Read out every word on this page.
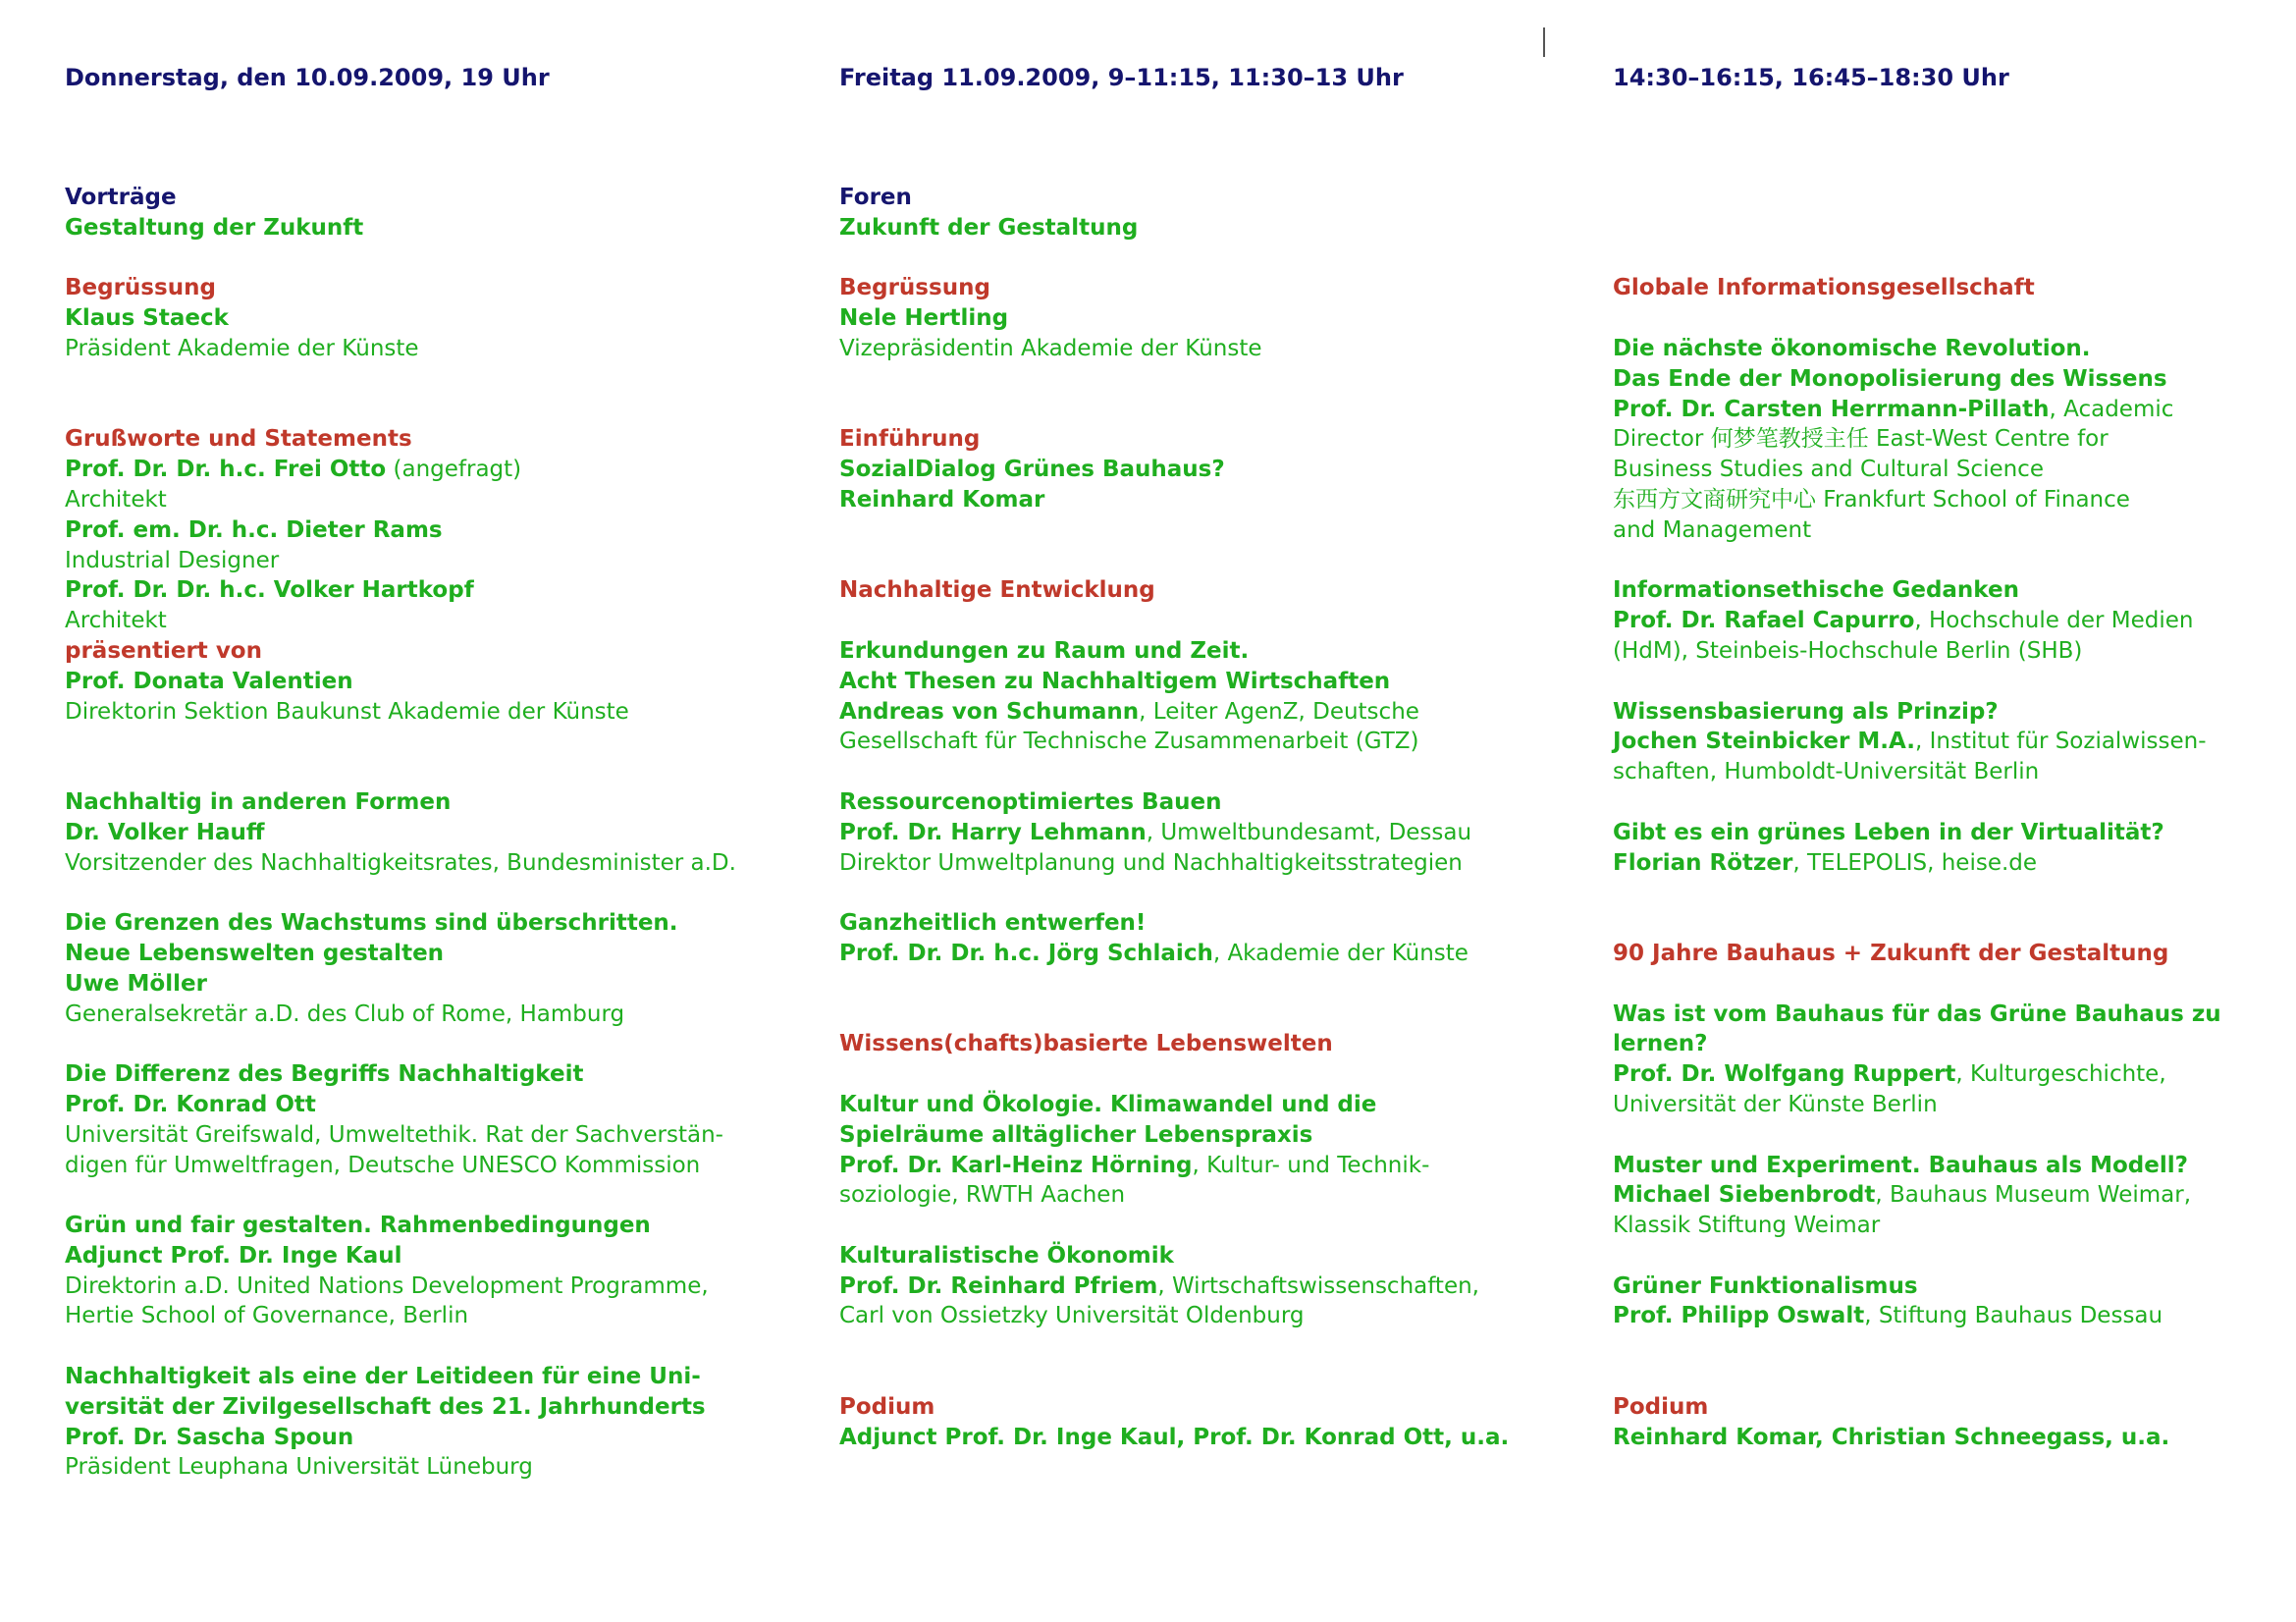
Donnerstag, den 10.09.2009, 19 Uhr
Vorträge
Gestaltung der Zukunft
Begrüssung
Klaus Staeck
Präsident Akademie der Künste
Grußworte und Statements
Prof. Dr. Dr. h.c. Frei Otto (angefragt)
Architekt
Prof. em. Dr. h.c. Dieter Rams
Industrial Designer
Prof. Dr. Dr. h.c. Volker Hartkopf
Architekt
präsentiert von
Prof. Donata Valentien
Direktorin Sektion Baukunst Akademie der Künste
Nachhaltig in anderen Formen
Dr. Volker Hauff
Vorsitzender des Nachhaltigkeitsrates, Bundesminister a.D.
Die Grenzen des Wachstums sind überschritten.
Neue Lebenswelten gestalten
Uwe Möller
Generalsekretär a.D. des Club of Rome, Hamburg
Die Differenz des Begriffs Nachhaltigkeit
Prof. Dr. Konrad Ott
Universität Greifswald, Umweltethik. Rat der Sachverstän-
digen für Umweltfragen, Deutsche UNESCO Kommission
Grün und fair gestalten. Rahmenbedingungen
Adjunct Prof. Dr. Inge Kaul
Direktorin a.D. United Nations Development Programme,
Hertie School of Governance, Berlin
Nachhaltigkeit als eine der Leitideen für eine Uni-
versität der Zivilgesellschaft des 21. Jahrhunderts
Prof. Dr. Sascha Spoun
Präsident Leuphana Universität Lüneburg
Freitag 11.09.2009, 9–11:15, 11:30–13 Uhr
Foren
Zukunft der Gestaltung
Begrüssung
Nele Hertling
Vizepräsidentin Akademie der Künste
Einführung
SozialDialog Grünes Bauhaus?
Reinhard Komar
Nachhaltige Entwicklung
Erkundungen zu Raum und Zeit.
Acht Thesen zu Nachhaltigem Wirtschaften
Andreas von Schumann, Leiter AgenZ, Deutsche
Gesellschaft für Technische Zusammenarbeit (GTZ)
Ressourcenoptimiertes Bauen
Prof. Dr. Harry Lehmann, Umweltbundesamt, Dessau
Direktor Umweltplanung und Nachhaltigkeitsstrategien
Ganzheitlich entwerfen!
Prof. Dr. Dr. h.c. Jörg Schlaich, Akademie der Künste
Wissens(chafts)basierte Lebenswelten
Kultur und Ökologie. Klimawandel und die
Spielräume alltäglicher Lebenspraxis
Prof. Dr. Karl-Heinz Hörning, Kultur- und Technik-
soziologie, RWTH Aachen
Kulturalistische Ökonomik
Prof. Dr. Reinhard Pfriem, Wirtschaftswissenschaften,
Carl von Ossietzky Universität Oldenburg
Podium
Adjunct Prof. Dr. Inge Kaul, Prof. Dr. Konrad Ott, u.a.
14:30–16:15, 16:45–18:30 Uhr
Globale Informationsgesellschaft
Die nächste ökonomische Revolution.
Das Ende der Monopolisierung des Wissens
Prof. Dr. Carsten Herrmann-Pillath, Academic
Director 何梦笔教授主任 East-West Centre for
Business Studies and Cultural Science
东西方文商研究中心 Frankfurt School of Finance
and Management
Informationsethische Gedanken
Prof. Dr. Rafael Capurro, Hochschule der Medien
(HdM), Steinbeis-Hochschule Berlin (SHB)
Wissensbasierung als Prinzip?
Jochen Steinbicker M.A., Institut für Sozialwissen-
schaften, Humboldt-Universität Berlin
Gibt es ein grünes Leben in der Virtualität?
Florian Rötzer, TELEPOLIS, heise.de
90 Jahre Bauhaus + Zukunft der Gestaltung
Was ist vom Bauhaus für das Grüne Bauhaus zu
lernen?
Prof. Dr. Wolfgang Ruppert, Kulturgeschichte,
Universität der Künste Berlin
Muster und Experiment. Bauhaus als Modell?
Michael Siebenbrodt, Bauhaus Museum Weimar,
Klassik Stiftung Weimar
Grüner Funktionalismus
Prof. Philipp Oswalt, Stiftung Bauhaus Dessau
Podium
Reinhard Komar, Christian Schneegass, u.a.
